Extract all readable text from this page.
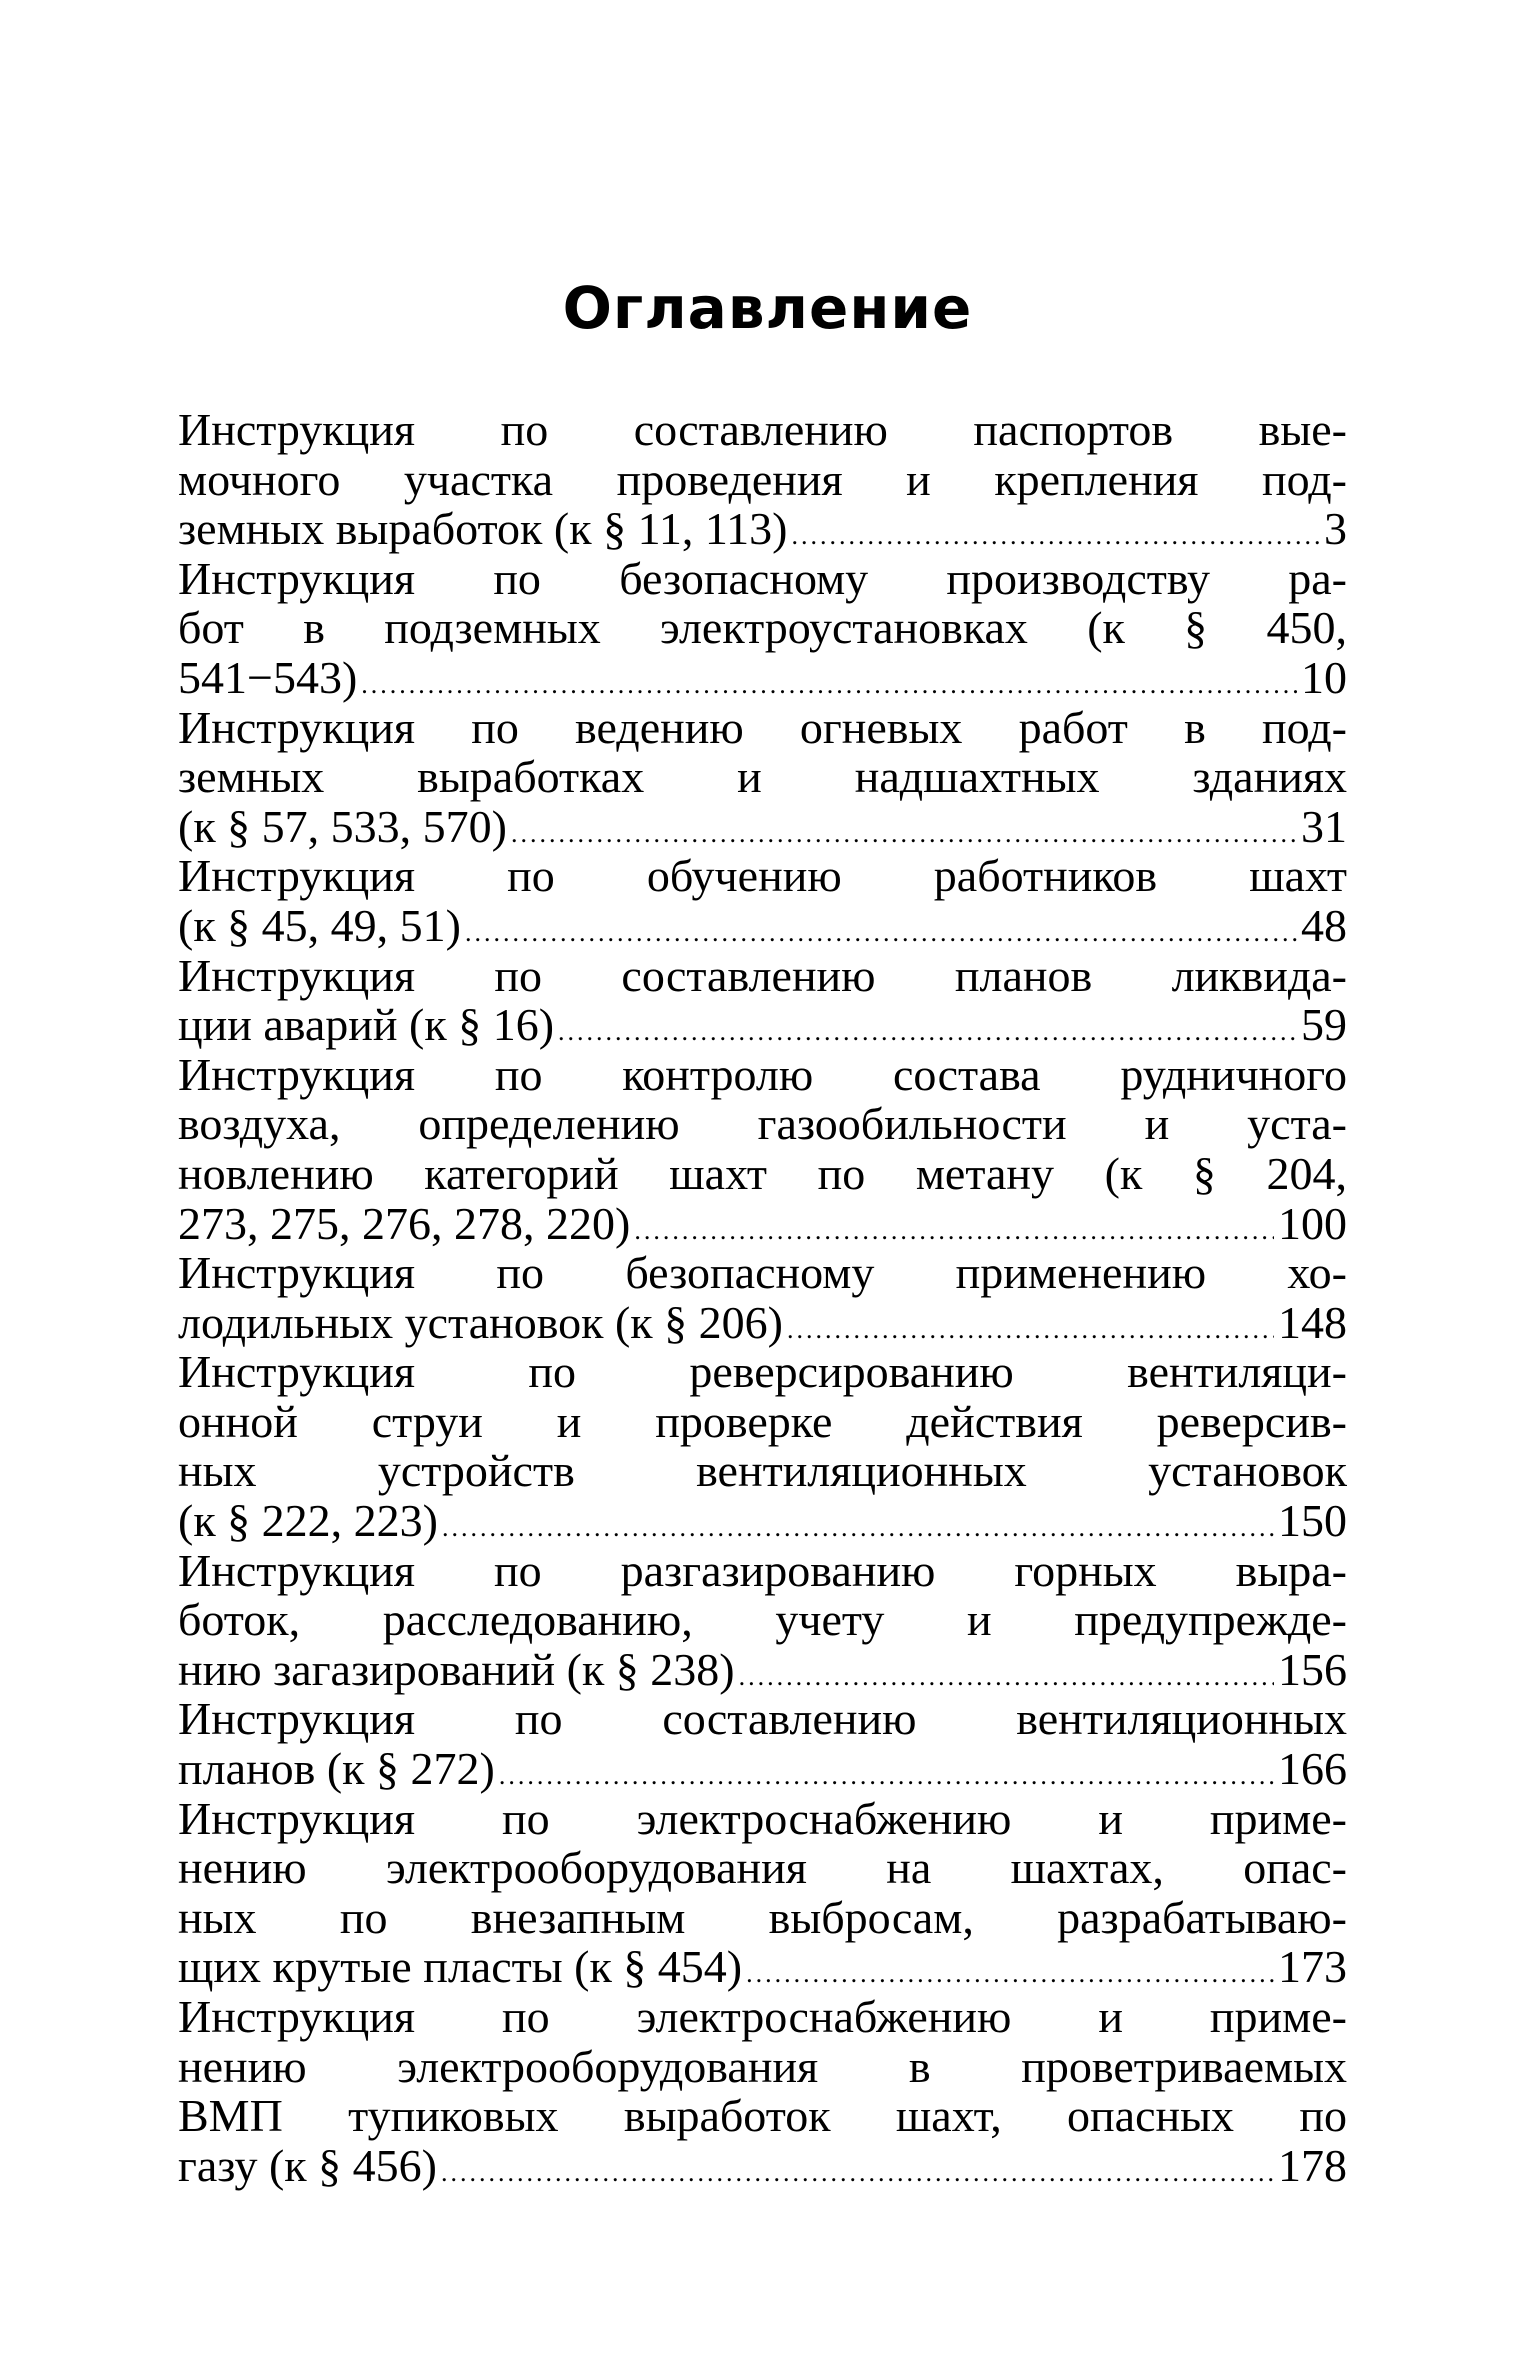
Оглавление
Инструкция по составлению паспортов вые-
мочного участка проведения и крепления под-
земных выработок (к § 11, 113) .....	3
Инструкция по безопасному производству ра-
бот в подземных электроустановках (к § 450,
541−543) .....	10
Инструкция по ведению огневых работ в под-
земных выработках и надшахтных зданиях
(к § 57, 533, 570) .....	31
Инструкция по обучению работников шахт
(к § 45, 49, 51) .....	48
Инструкция по составлению планов ликвида-
ции аварий (к § 16) .....	59
Инструкция по контролю состава рудничного
воздуха, определению газообильности и уста-
новлению категорий шахт по метану (к § 204,
273, 275, 276, 278, 220) .....	100
Инструкция по безопасному применению хо-
лодильных установок (к § 206) .....	148
Инструкция по реверсированию вентиляци-
онной струи и проверке действия реверсив-
ных устройств вентиляционных установок
(к § 222, 223) .....	150
Инструкция по разгазированию горных выра-
боток, расследованию, учету и предупрежде-
нию загазирований (к § 238) .....	156
Инструкция по составлению вентиляционных
планов (к § 272) .....	166
Инструкция по электроснабжению и приме-
нению электрооборудования на шахтах, опас-
ных по внезапным выбросам, разрабатываю-
щих крутые пласты (к § 454) .....	173
Инструкция по электроснабжению и приме-
нению электрооборудования в проветриваемых
ВМП тупиковых выработок шахт, опасных по
газу (к § 456) .....	178
